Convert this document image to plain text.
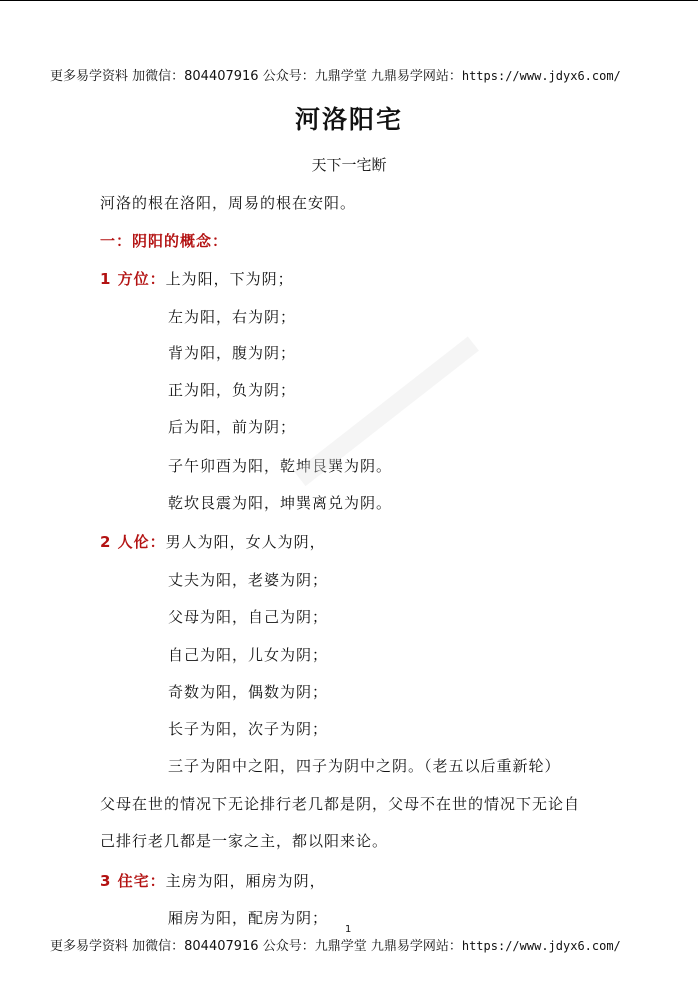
更多易学资料 加微信：804407916 公众号：九鼎学堂 九鼎易学网站：https://www.jdyx6.com/
河洛阳宅
天下一宅断
河洛的根在洛阳，周易的根在安阳。
一：阴阳的概念：
1 方位：上为阳，下为阴；
左为阳，右为阴；
背为阳，腹为阴；
正为阳，负为阴；
后为阳，前为阴；
子午卯酉为阳，乾坤艮巽为阴。
乾坎艮震为阳，坤巽离兑为阴。
2 人伦：男人为阳，女人为阴，
丈夫为阳，老婆为阴；
父母为阳，自己为阴；
自己为阳，儿女为阴；
奇数为阳，偶数为阴；
长子为阳，次子为阴；
三子为阳中之阳，四子为阴中之阴。（老五以后重新轮）
父母在世的情况下无论排行老几都是阴，父母不在世的情况下无论自
己排行老几都是一家之主，都以阳来论。
3 住宅：主房为阳，厢房为阴，
厢房为阳，配房为阴；
1
更多易学资料 加微信：804407916 公众号：九鼎学堂 九鼎易学网站：https://www.jdyx6.com/
